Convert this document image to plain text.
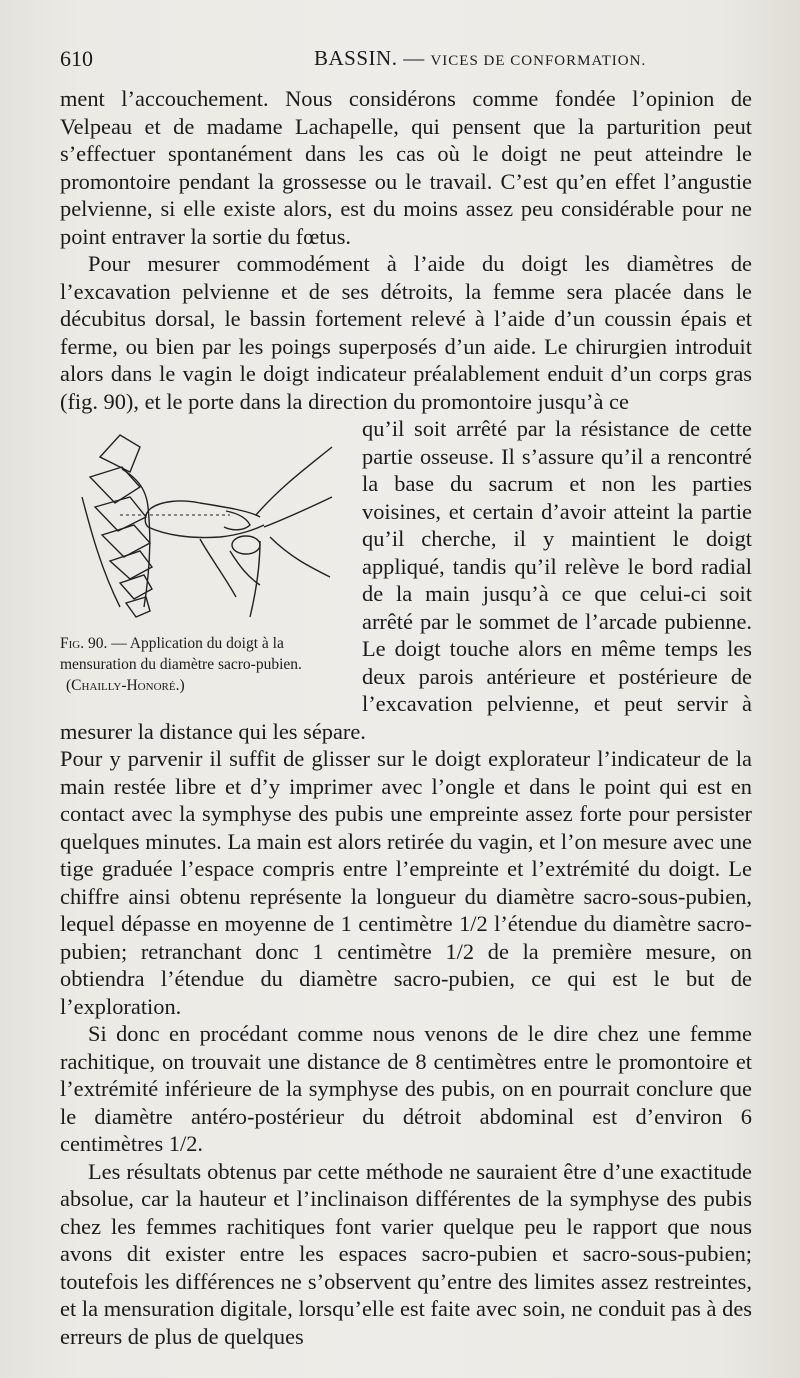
610	BASSIN. — VICES DE CONFORMATION.

ment l’accouchement. Nous considérons comme fondée l’opinion de Velpeau et de madame Lachapelle, qui pensent que la parturition peut s’effectuer spontanément dans les cas où le doigt ne peut atteindre le promontoire pendant la grossesse ou le travail. C’est qu’en effet l’angustie pelvienne, si elle existe alors, est du moins assez peu considérable pour ne point entraver la sortie du fœtus.

Pour mesurer commodément à l’aide du doigt les diamètres de l’excavation pelvienne et de ses détroits, la femme sera placée dans le décubitus dorsal, le bassin fortement relevé à l’aide d’un coussin épais et ferme, ou bien par les poings superposés d’un aide. Le chirurgien introduit alors dans le vagin le doigt indicateur préalablement enduit d’un corps gras (fig. 90), et le porte dans la direction du promontoire jusqu’à ce

Fig. 90. — Application du doigt à la mensuration du diamètre sacro-pubien.
(Chailly-Honoré.)

qu’il soit arrêté par la résistance de cette partie osseuse. Il s’assure qu’il a rencontré la base du sacrum et non les parties voisines, et certain d’avoir atteint la partie qu’il cherche, il y maintient le doigt appliqué, tandis qu’il relève le bord radial de la main jusqu’à ce que celui-ci soit arrêté par le sommet de l’arcade pubienne. Le doigt touche alors en même temps les deux parois antérieure et postérieure de l’excavation pelvienne, et peut servir à mesurer la distance qui les sépare.

Pour y parvenir il suffit de glisser sur le doigt explorateur l’indicateur de la main restée libre et d’y imprimer avec l’ongle et dans le point qui est en contact avec la symphyse des pubis une empreinte assez forte pour persister quelques minutes. La main est alors retirée du vagin, et l’on mesure avec une tige graduée l’espace compris entre l’empreinte et l’extrémité du doigt. Le chiffre ainsi obtenu représente la longueur du diamètre sacro-sous-pubien, lequel dépasse en moyenne de 1 centimètre 1/2 l’étendue du diamètre sacro-pubien; retranchant donc 1 centimètre 1/2 de la première mesure, on obtiendra l’étendue du diamètre sacro-pubien, ce qui est le but de l’exploration.

Si donc en procédant comme nous venons de le dire chez une femme rachitique, on trouvait une distance de 8 centimètres entre le promontoire et l’extrémité inférieure de la symphyse des pubis, on en pourrait conclure que le diamètre antéro-postérieur du détroit abdominal est d’environ 6 centimètres 1/2.

Les résultats obtenus par cette méthode ne sauraient être d’une exactitude absolue, car la hauteur et l’inclinaison différentes de la symphyse des pubis chez les femmes rachitiques font varier quelque peu le rapport que nous avons dit exister entre les espaces sacro-pubien et sacro-sous-pubien; toutefois les différences ne s’observent qu’entre des limites assez restreintes, et la mensuration digitale, lorsqu’elle est faite avec soin, ne conduit pas à des erreurs de plus de quelques
